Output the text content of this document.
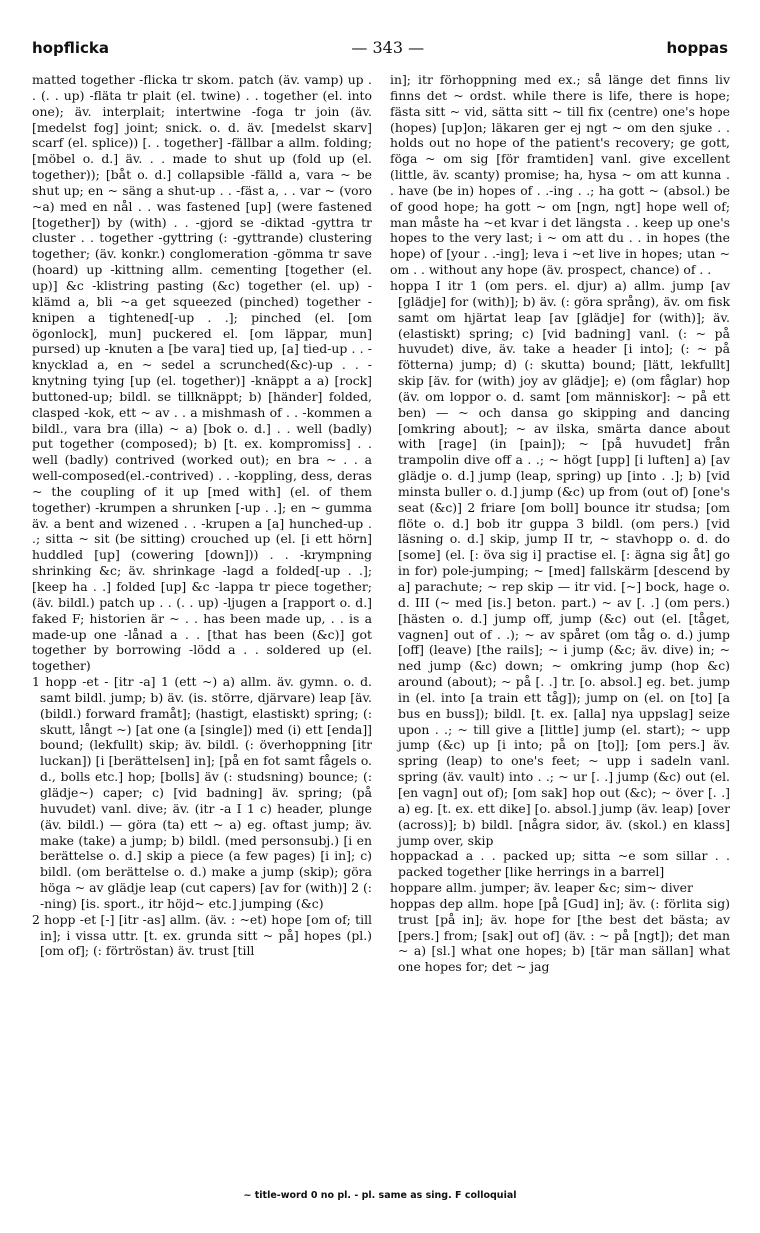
hopflicka	— 343 —	hoppas

matted together -flicka tr skom. patch (äv. vamp) up . . (. . up) -fläta tr plait (el. twine) . . together (el. into one); äv. interplait; intertwine -foga tr join (äv. [medelst fog] joint; snick. o. d. äv. [medelst skarv] scarf (el. splice)) [. . together] -fällbar a allm. folding; [möbel o. d.] äv. . . made to shut up (fold up (el. together)); [båt o. d.] collapsible -fälld a, vara ~ be shut up; en ~ säng a shut-up . . -fäst a, . . var ~ (voro ~a) med en nål . . was fastened [up] (were fastened [together]) by (with) . . -gjord se -diktad -gyttra tr cluster . . together -gyttring (: -gyttrande) clustering together; (äv. konkr.) conglomeration -gömma tr save (hoard) up -kittning allm. cementing [together (el. up)] &c -klistring pasting (&c) together (el. up) -klämd a, bli ~a get squeezed (pinched) together -knipen a tightened[-up . .]; pinched (el. [om ögonlock], mun] puckered el. [om läppar, mun] pursed) up -knuten a [be vara] tied up, [a] tied-up . . -knycklad a, en ~ sedel a scrunched(&c)-up . . -knytning tying [up (el. together)] -knäppt a a) [rock] buttoned-up; bildl. se tillknäppt; b) [händer] folded, clasped -kok, ett ~ av . . a mishmash of . . -kommen a bildl., vara bra (illa) ~ a) [bok o. d.] . . well (badly) put together (composed); b) [t. ex. kompromiss] . . well (badly) contrived (worked out); en bra ~ . . a well-composed(el.-contrived) . . -koppling, dess, deras ~ the coupling of it up [med with] (el. of them together) -krumpen a shrunken [-up . .]; en ~ gumma äv. a bent and wizened . . -krupen a [a] hunched-up . .; sitta ~ sit (be sitting) crouched up (el. [i ett hörn] huddled [up] (cowering [down])) . . -krympning shrinking &c; äv. shrinkage -lagd a folded[-up . .]; [keep ha . .] folded [up] &c -lappa tr piece together; (äv. bildl.) patch up . . (. . up) -ljugen a [rapport o. d.] faked F; historien är ~ . . has been made up, . . is a made-up one -lånad a . . [that has been (&c)] got together by borrowing -lödd a . . soldered up (el. together)

1 hopp -et - [itr -a] 1 (ett ~) a) allm. äv. gymn. o. d. samt bildl. jump; b) äv. (is. större, djärvare) leap [äv. (bildl.) forward framåt]; (hastigt, elastiskt) spring; (: skutt, långt ~) [at one (a [single]) med (i) ett [enda]] bound; (lekfullt) skip; äv. bildl. (: överhoppning [itr luckan]) [i [berättelsen] in]; [på en fot samt fågels o. d., bolls etc.] hop; [bolls] äv (: studsning) bounce; (: glädje~) caper; c) [vid badning] äv. spring; (på huvudet) vanl. dive; äv. (itr -a I 1 c) header, plunge (äv. bildl.) — göra (ta) ett ~ a) eg. oftast jump; äv. make (take) a jump; b) bildl. (med personsubj.) [i en berättelse o. d.] skip a piece (a few pages) [i in]; c) bildl. (om berättelse o. d.) make a jump (skip); göra höga ~ av glädje leap (cut capers) [av for (with)] 2 (: -ning) [is. sport., itr höjd~ etc.] jumping (&c)

2 hopp -et [-] [itr -as] allm. (äv. : ~et) hope [om of; till in]; i vissa uttr. [t. ex. grunda sitt ~ på] hopes (pl.) [om of]; (: förtröstan) äv. trust [till

in]; itr förhoppning med ex.; så länge det finns liv finns det ~ ordst. while there is life, there is hope; fästa sitt ~ vid, sätta sitt ~ till fix (centre) one's hope (hopes) [up]on; läkaren ger ej ngt ~ om den sjuke . . holds out no hope of the patient's recovery; ge gott, föga ~ om sig [för framtiden] vanl. give excellent (little, äv. scanty) promise; ha, hysa ~ om att kunna . . have (be in) hopes of . .-ing . .; ha gott ~ (absol.) be of good hope; ha gott ~ om [ngn, ngt] hope well of; man måste ha ~et kvar i det längsta . . keep up one's hopes to the very last; i ~ om att du . . in hopes (the hope) of [your . .-ing]; leva i ~et live in hopes; utan ~ om . . without any hope (äv. prospect, chance) of . .

hoppa I itr 1 (om pers. el. djur) a) allm. jump [av [glädje] for (with)]; b) äv. (: göra språng), äv. om fisk samt om hjärtat leap [av [glädje] for (with)]; äv. (elastiskt) spring; c) [vid badning] vanl. (: ~ på huvudet) dive, äv. take a header [i into]; (: ~ på fötterna) jump; d) (: skutta) bound; [lätt, lekfullt] skip [äv. for (with) joy av glädje]; e) (om fåglar) hop (äv. om loppor o. d. samt [om människor]: ~ på ett ben) — ~ och dansa go skipping and dancing [omkring about]; ~ av ilska, smärta dance about with [rage] (in [pain]); ~ [på huvudet] från trampolin dive off a . .; ~ högt [upp] [i luften] a) [av glädje o. d.] jump (leap, spring) up [into . .]; b) [vid minsta buller o. d.] jump (&c) up from (out of) [one's seat (&c)] 2 friare [om boll] bounce itr studsa; [om flöte o. d.] bob itr guppa 3 bildl. (om pers.) [vid läsning o. d.] skip, jump II tr, ~ stavhopp o. d. do [some] (el. [: öva sig i] practise el. [: ägna sig åt] go in for) pole-jumping; ~ [med] fallskärm [descend by a] parachute; ~ rep skip — itr vid. [~] bock, hage o. d. III (~ med [is.] beton. part.) ~ av [. .] (om pers.) [hästen o. d.] jump off, jump (&c) out (el. [tåget, vagnen] out of . .); ~ av spåret (om tåg o. d.) jump [off] (leave) [the rails]; ~ i jump (&c; äv. dive) in; ~ ned jump (&c) down; ~ omkring jump (hop &c) around (about); ~ på [. .] tr. [o. absol.] eg. bet. jump in (el. into [a train ett tåg]); jump on (el. on [to] [a bus en buss]); bildl. [t. ex. [alla] nya uppslag] seize upon . .; ~ till give a [little] jump (el. start); ~ upp jump (&c) up [i into; på on [to]]; [om pers.] äv. spring (leap) to one's feet; ~ upp i sadeln vanl. spring (äv. vault) into . .; ~ ur [. .] jump (&c) out (el. [en vagn] out of); [om sak] hop out (&c); ~ över [. .] a) eg. [t. ex. ett dike] [o. absol.] jump (äv. leap) [over (across)]; b) bildl. [några sidor, äv. (skol.) en klass] jump over, skip

hoppackad a . . packed up; sitta ~e som sillar . . packed together [like herrings in a barrel]

hoppare allm. jumper; äv. leaper &c; sim~ diver

hoppas dep allm. hope [på [Gud] in]; äv. (: förlita sig) trust [på in]; äv. hope for [the best det bästa; av [pers.] from; [sak] out of] (äv. : ~ på [ngt]); det man ~ a) [sl.] what one hopes; b) [tär man sällan] what one hopes for; det ~ jag

~ title-word 0 no pl. - pl. same as sing. F colloquial
